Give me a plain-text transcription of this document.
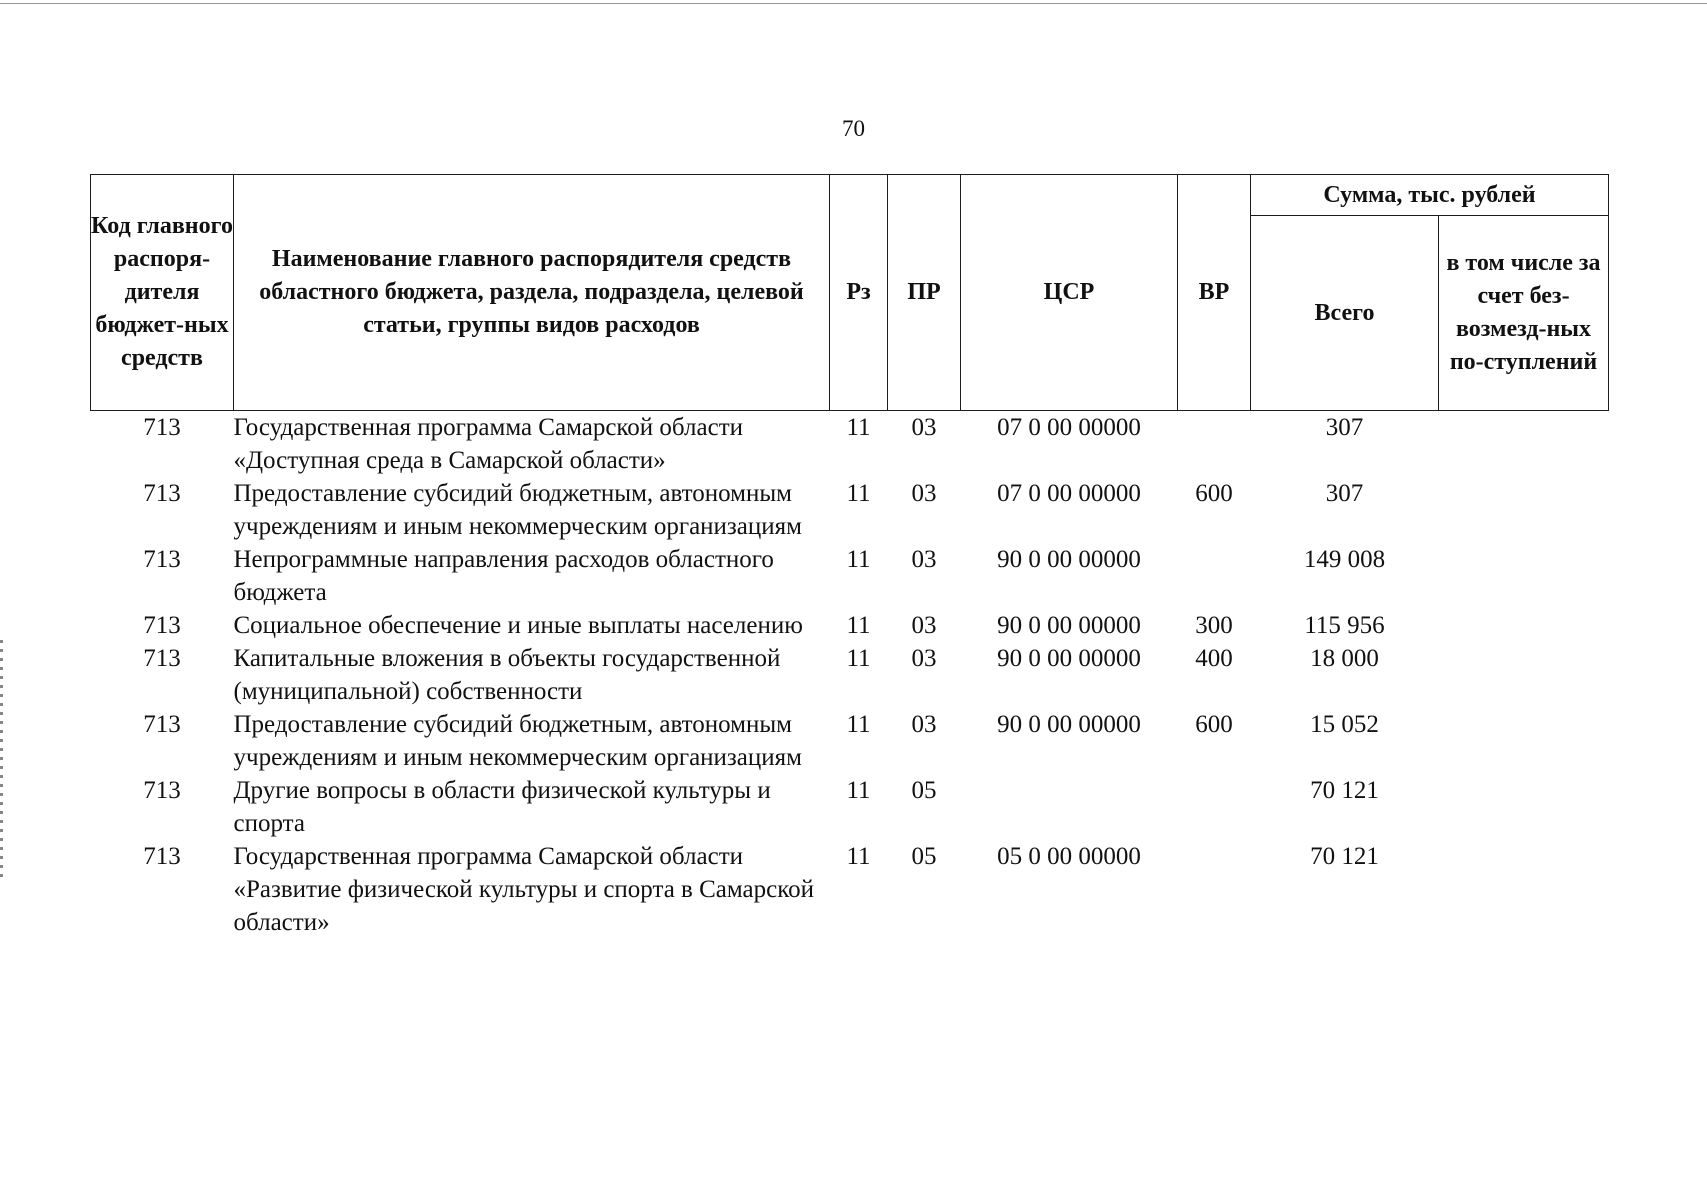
70
Код главного распоря-дителя бюджет-ных средств	Наименование главного распорядителя средств областного бюджета, раздела, подраздела, целевой статьи, группы видов расходов	Рз	ПР	ЦСР	ВР	Сумма, тыс. рублей	
						Всего	в том числе за счет без-возмезд-ных по-ступлений
713	Государственная программа Самарской области «Доступная среда в Самарской области»	11	03	07 0 00 00000		307	
713	Предоставление субсидий бюджетным, автономным учреждениям и иным некоммерческим организациям	11	03	07 0 00 00000	600	307	
713	Непрограммные направления расходов областного бюджета	11	03	90 0 00 00000		149 008	
713	Социальное обеспечение и иные выплаты населению	11	03	90 0 00 00000	300	115 956	
713	Капитальные вложения в объекты государственной (муниципальной) собственности	11	03	90 0 00 00000	400	18 000	
713	Предоставление субсидий бюджетным, автономным учреждениям и иным некоммерческим организациям	11	03	90 0 00 00000	600	15 052	
713	Другие вопросы в области физической культуры и спорта	11	05			70 121	
713	Государственная программа Самарской области «Развитие физической культуры и спорта в Самарской области»	11	05	05 0 00 00000		70 121	
